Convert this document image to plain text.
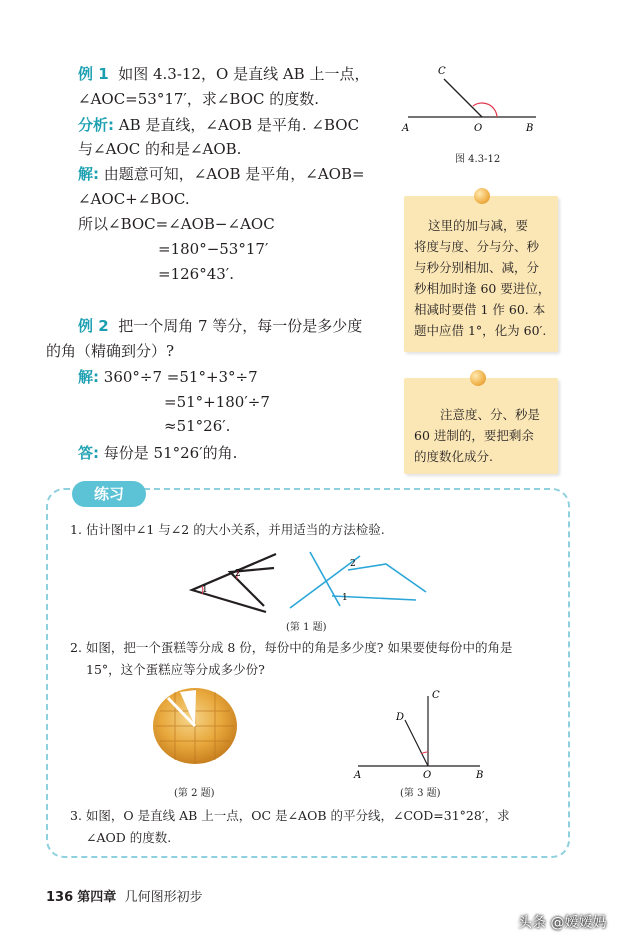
例 1 如图 4.3-12，O 是直线 AB 上一点，
∠AOC=53°17′，求∠BOC 的度数.
分析: AB 是直线，∠AOB 是平角. ∠BOC
与∠AOC 的和是∠AOB.
解: 由题意可知，∠AOB 是平角，∠AOB=
∠AOC+∠BOC.
所以∠BOC=∠AOB−∠AOC
=180°−53°17′
=126°43′.
A	O	B
C
图 4.3-12
这里的加与减，要
将度与度、分与分、秒
与秒分别相加、减，分
秒相加时逢 60 要进位，
相减时要借 1 作 60. 本
题中应借 1°，化为 60′.
例 2 把一个周角 7 等分，每一份是多少度
的角（精确到分）?
解: 360°÷7 =51°+3°÷7
=51°+180′÷7
≈51°26′.
答: 每份是 51°26′的角.
注意度、分、秒是
60 进制的，要把剩余
的度数化成分.
练习
1. 估计图中∠1 与∠2 的大小关系，并用适当的方法检验.
1
2
2
1
(第 1 题)
2. 如图，把一个蛋糕等分成 8 份，每份中的角是多少度? 如果要使每份中的角是
15°，这个蛋糕应等分成多少份?
(第 2 题)
A	O	B
C
D
(第 3 题)
3. 如图，O 是直线 AB 上一点，OC 是∠AOB 的平分线，∠COD=31°28′，求
∠AOD 的度数.
136 第四章 几何图形初步
头条 @嫒嫒妈
